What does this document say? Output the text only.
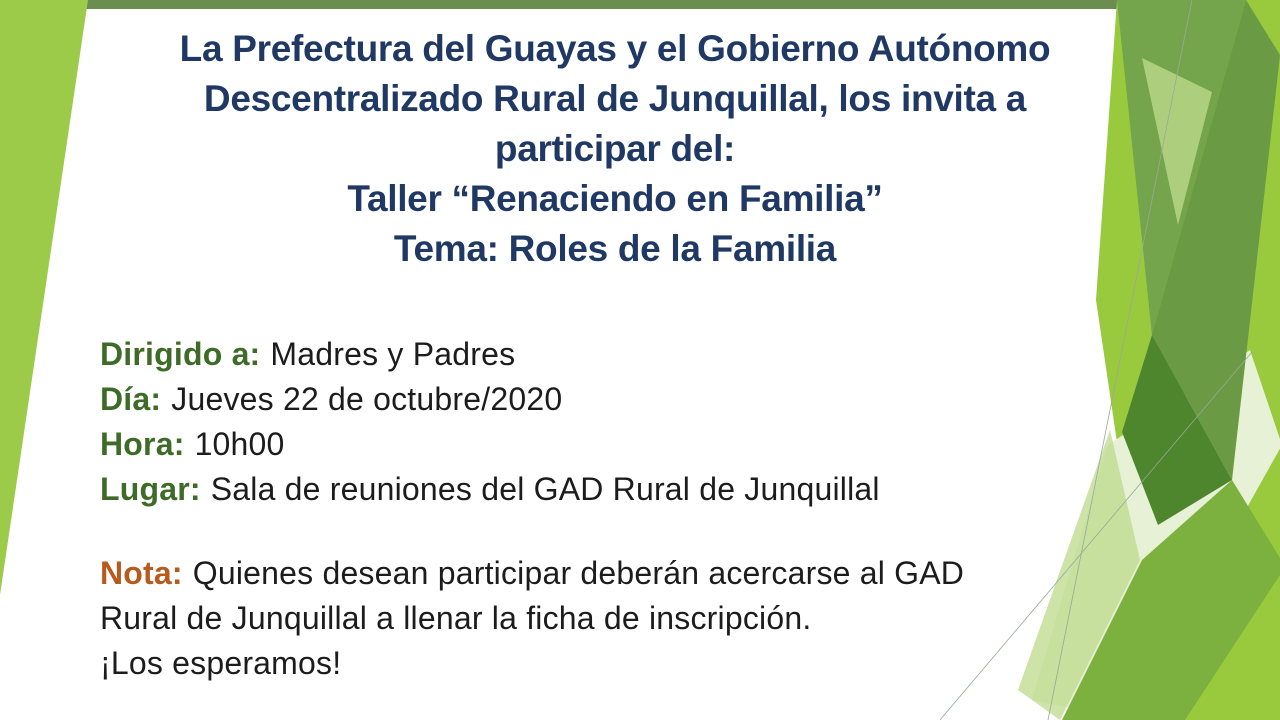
La Prefectura del Guayas y el Gobierno Autónomo
Descentralizado Rural de Junquillal, los invita a
participar del:
Taller “Renaciendo en Familia”
Tema: Roles de la Familia
Dirigido a: Madres y Padres
Día: Jueves 22 de octubre/2020
Hora: 10h00
Lugar: Sala de reuniones del GAD Rural de Junquillal
Nota: Quienes desean participar deberán acercarse al GAD
Rural de Junquillal a llenar la ficha de inscripción.
¡Los esperamos!
